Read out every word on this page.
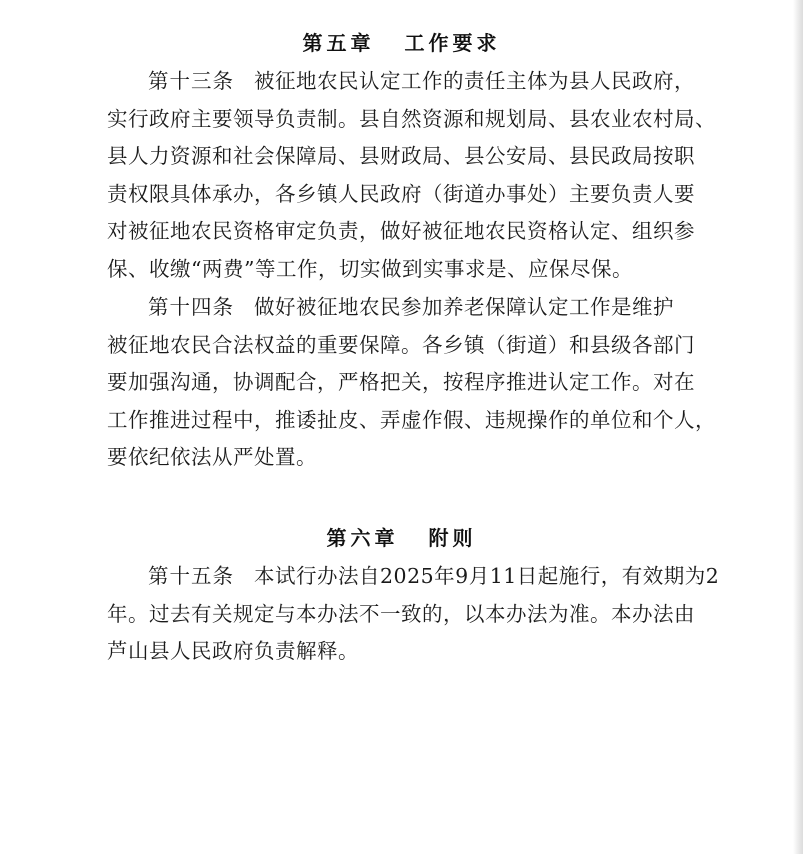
第五章 工作要求
第十三条 被征地农民认定工作的责任主体为县人民政府，
实行政府主要领导负责制。县自然资源和规划局、县农业农村局、
县人力资源和社会保障局、县财政局、县公安局、县民政局按职
责权限具体承办，各乡镇人民政府（街道办事处）主要负责人要
对被征地农民资格审定负责，做好被征地农民资格认定、组织参
保、收缴“两费”等工作，切实做到实事求是、应保尽保。
第十四条 做好被征地农民参加养老保障认定工作是维护
被征地农民合法权益的重要保障。各乡镇（街道）和县级各部门
要加强沟通，协调配合，严格把关，按程序推进认定工作。对在
工作推进过程中，推诿扯皮、弄虚作假、违规操作的单位和个人，
要依纪依法从严处置。
第六章 附则
第十五条 本试行办法自2025年9月11日起施行，有效期为2
年。过去有关规定与本办法不一致的，以本办法为准。本办法由
芦山县人民政府负责解释。
